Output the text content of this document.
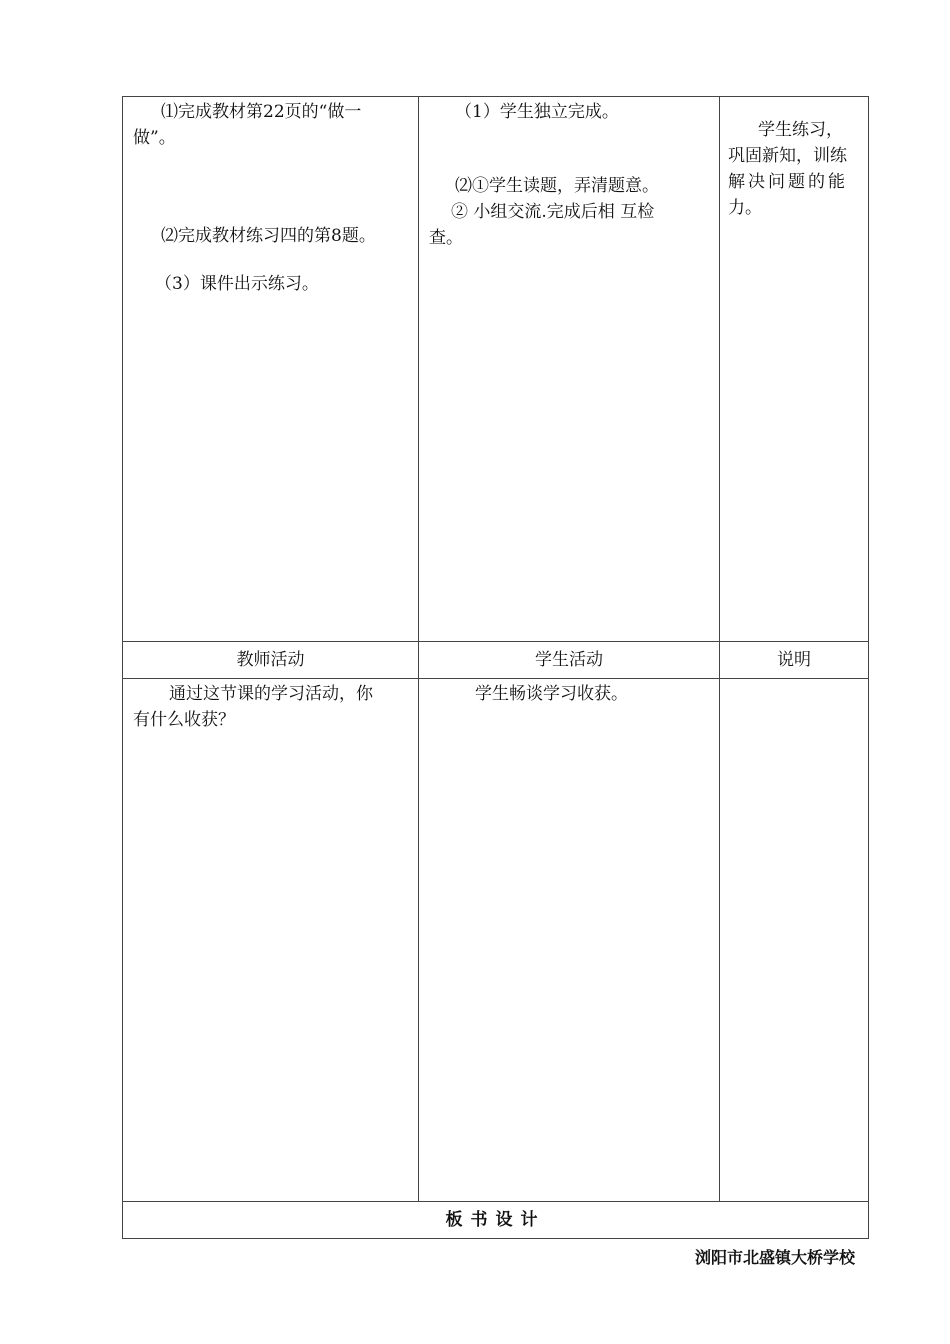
⑴完成教材第22页的“做一

做”。

⑵完成教材练习四的第8题。

（3）课件出示练习。

（1）学生独立完成。

⑵①学生读题，弄清题意。

② 小组交流.完成后相 互检

查。

学生练习，

巩固新知，训练

解决问题的能

力。

教师活动	学生活动	说明

通过这节课的学习活动，你

有什么收获？

学生畅谈学习收获。

板书设计
浏阳市北盛镇大桥学校
